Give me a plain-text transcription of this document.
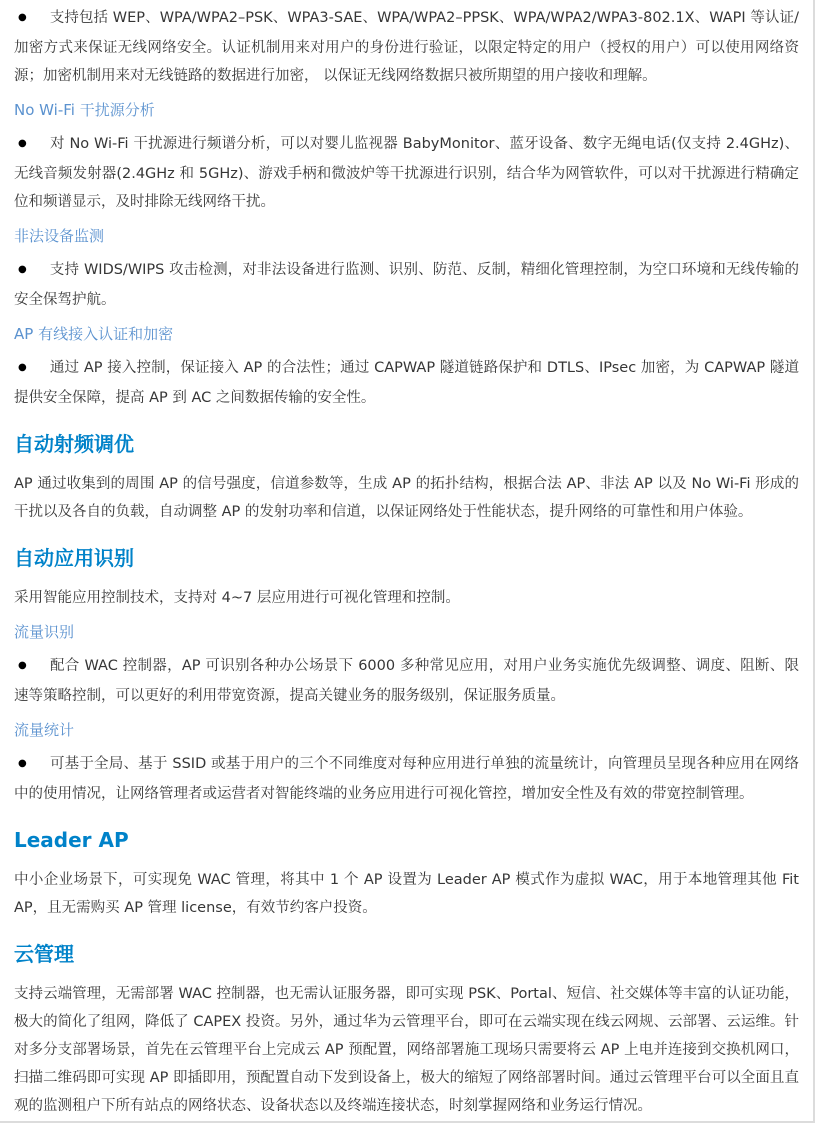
● 支持包括 WEP、WPA/WPA2–PSK、WPA3-SAE、WPA/WPA2–PPSK、WPA/WPA2/WPA3-802.1X、WAPI 等认证/加密方式来保证无线网络安全。认证机制用来对用户的身份进行验证，以限定特定的用户（授权的用户）可以使用网络资源；加密机制用来对无线链路的数据进行加密， 以保证无线网络数据只被所期望的用户接收和理解。

No Wi-Fi 干扰源分析

● 对 No Wi-Fi 干扰源进行频谱分析，可以对婴儿监视器 BabyMonitor、蓝牙设备、数字无绳电话(仅支持 2.4GHz)、无线音频发射器(2.4GHz 和 5GHz)、游戏手柄和微波炉等干扰源进行识别，结合华为网管软件，可以对干扰源进行精确定位和频谱显示，及时排除无线网络干扰。

非法设备监测

● 支持 WIDS/WIPS 攻击检测，对非法设备进行监测、识别、防范、反制，精细化管理控制，为空口环境和无线传输的安全保驾护航。

AP 有线接入认证和加密

● 通过 AP 接入控制，保证接入 AP 的合法性；通过 CAPWAP 隧道链路保护和 DTLS、IPsec 加密，为 CAPWAP 隧道提供安全保障，提高 AP 到 AC 之间数据传输的安全性。

自动射频调优

AP 通过收集到的周围 AP 的信号强度，信道参数等，生成 AP 的拓扑结构，根据合法 AP、非法 AP 以及 No Wi-Fi 形成的干扰以及各自的负载，自动调整 AP 的发射功率和信道，以保证网络处于性能状态，提升网络的可靠性和用户体验。

自动应用识别

采用智能应用控制技术，支持对 4~7 层应用进行可视化管理和控制。

流量识别

● 配合 WAC 控制器，AP 可识别各种办公场景下 6000 多种常见应用，对用户业务实施优先级调整、调度、阻断、限速等策略控制，可以更好的利用带宽资源，提高关键业务的服务级别，保证服务质量。

流量统计

● 可基于全局、基于 SSID 或基于用户的三个不同维度对每种应用进行单独的流量统计，向管理员呈现各种应用在网络中的使用情况，让网络管理者或运营者对智能终端的业务应用进行可视化管控，增加安全性及有效的带宽控制管理。

Leader AP

中小企业场景下，可实现免 WAC 管理，将其中 1 个 AP 设置为 Leader AP 模式作为虚拟 WAC，用于本地管理其他 Fit AP，且无需购买 AP 管理 license，有效节约客户投资。

云管理

支持云端管理，无需部署 WAC 控制器，也无需认证服务器，即可实现 PSK、Portal、短信、社交媒体等丰富的认证功能，极大的简化了组网，降低了 CAPEX 投资。另外，通过华为云管理平台，即可在云端实现在线云网规、云部署、云运维。针对多分支部署场景，首先在云管理平台上完成云 AP 预配置，网络部署施工现场只需要将云 AP 上电并连接到交换机网口，扫描二维码即可实现 AP 即插即用，预配置自动下发到设备上，极大的缩短了网络部署时间。通过云管理平台可以全面且直观的监测租户下所有站点的网络状态、设备状态以及终端连接状态，时刻掌握网络和业务运行情况。
